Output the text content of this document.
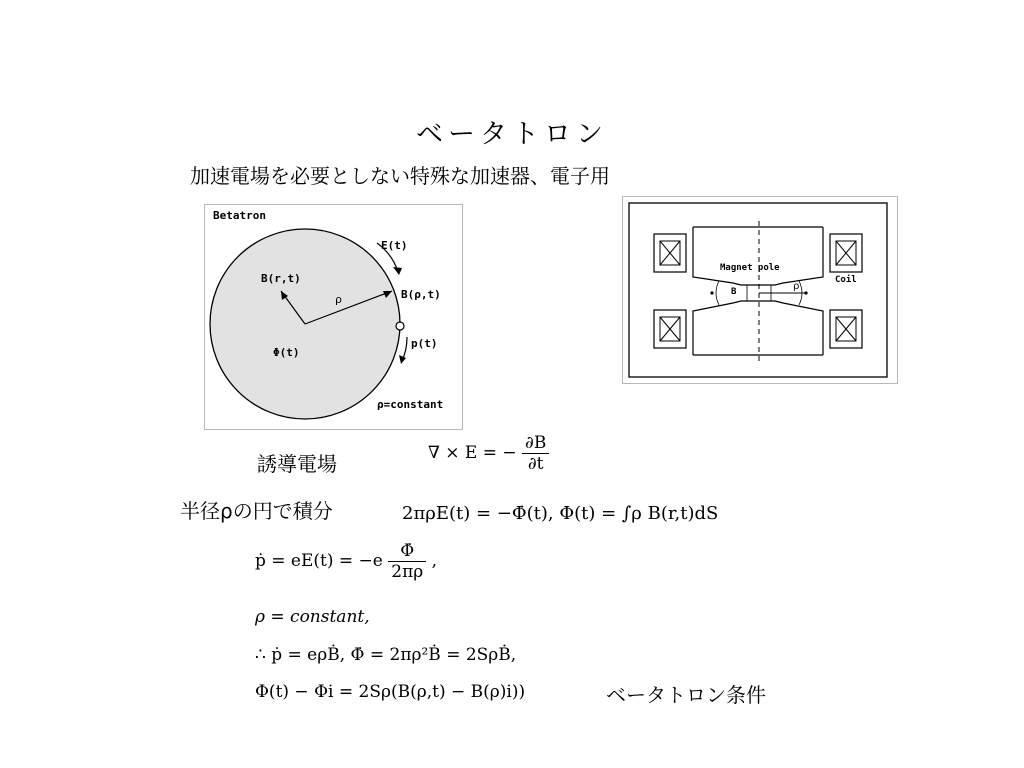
ベータトロン
加速電場を必要としない特殊な加速器、電子用
Betatron
E(t)
B(r,t)
ρ	B(ρ,t)
p(t)
Φ(t)
ρ=constant
Magnet pole
Coil
B	ρ
誘導電場	∇ × E = − $\frac{\partial B}{\partial t}$
半径ρの円で積分	2πρE(t) = −Φ̇(t), Φ(t) = ∫ρ B(r,t)dS
ṗ = $eE(t) = -e \frac{\Phi̇}{2\pi\rho}$ ,
ρ = constant,
∴ ṗ = eρḂ, Φ̇ = 2πρ²Ḃ = 2SρḂ,
Φ(t) − Φi = 2Sρ(B(ρ,t) − B(ρ)i))	ベータトロン条件
